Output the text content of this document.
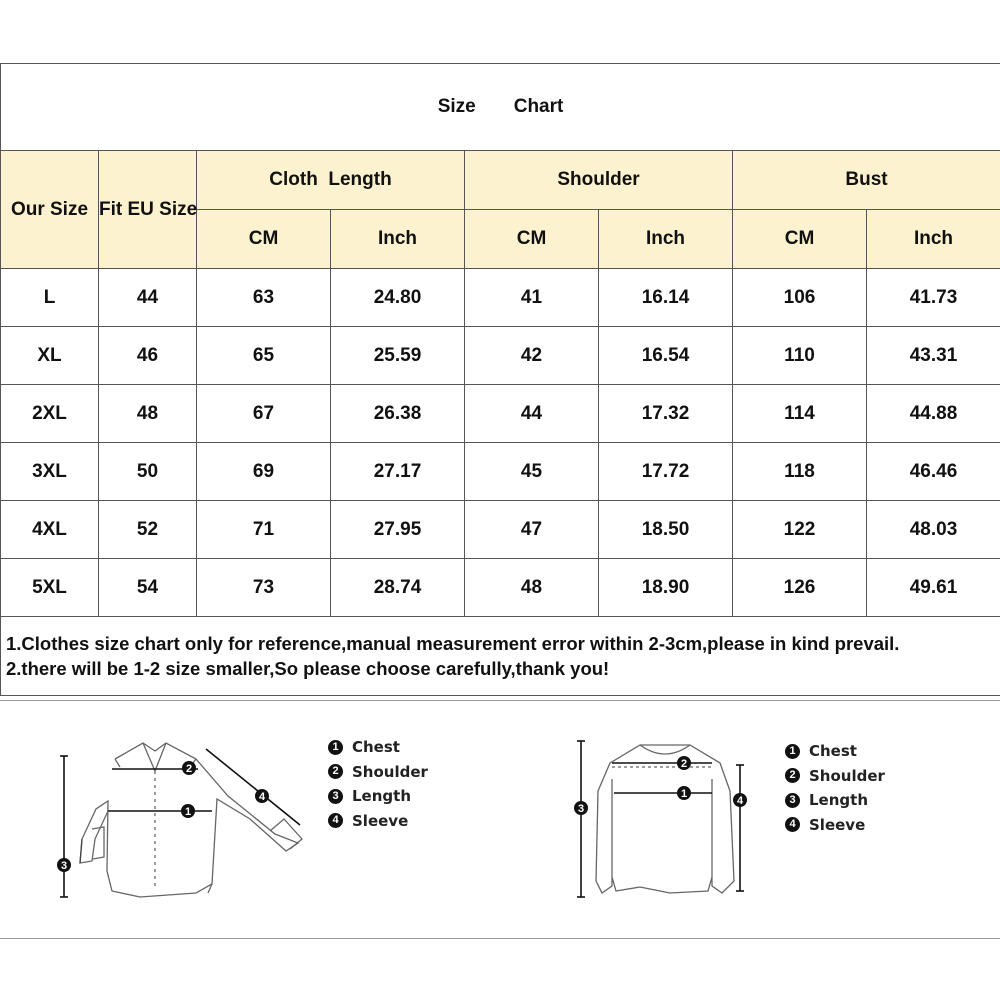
Size Chart							
Our Size	Fit EU Size	Cloth  Length		Shoulder		Bust	
		CM	Inch	CM	Inch	CM	Inch
L	44	63	24.80	41	16.14	106	41.73
XL	46	65	25.59	42	16.54	110	43.31
2XL	48	67	26.38	44	17.32	114	44.88
3XL	50	69	27.17	45	17.72	118	46.46
4XL	52	71	27.95	47	18.50	122	48.03
5XL	54	73	28.74	48	18.90	126	49.61

1.Clothes size chart only for reference,manual measurement error within 2-3cm,please in kind prevail.
2.there will be 1-2 size smaller,So please choose carefully,thank you!							
1
2
3
4	1
2
3
4
1 Chest
2 Shoulder
3 Length
4 Sleeve
1 Chest
2 Shoulder
3 Length
4 Sleeve
